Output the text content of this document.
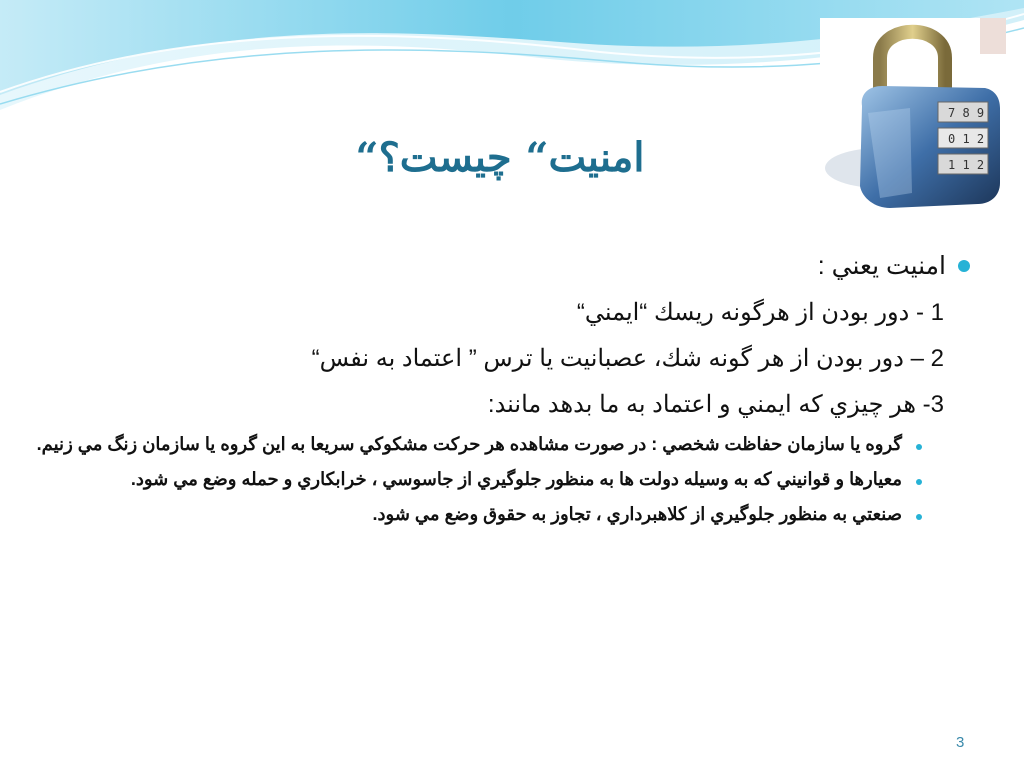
7 8 9
0 1 2
1 1 2
“امنيت“ چيست؟
امنيت يعني :
1 - دور بودن از هرگونه ريسك “ايمني“
2 – دور بودن از هر گونه شك، عصبانيت يا ترس ” اعتماد به نفس“
3- هر چيزي كه ايمني و اعتماد به ما بدهد مانند:
گروه يا سازمان حفاظت شخصي : در صورت مشاهده هر حركت مشكوكي سريعا به اين گروه يا سازمان زنگ مي زنيم.
معيارها و قوانيني كه به وسيله دولت ها به منظور جلوگيري از جاسوسي ، خرابكاري و حمله وضع مي شود.
صنعتي به منظور جلوگيري از كلاهبرداري ، تجاوز به حقوق وضع مي شود.
3
